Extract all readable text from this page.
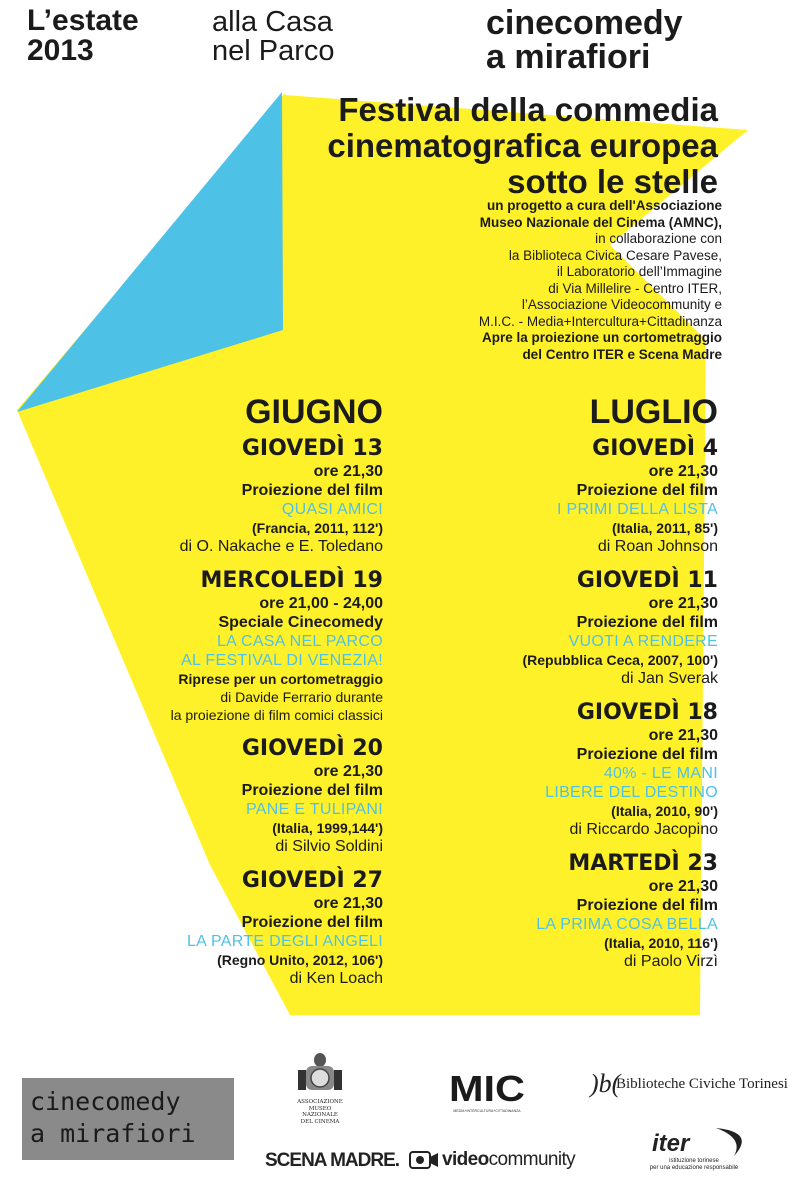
L’estate
2013
alla Casa
nel Parco
cinecomedy
a mirafiori
Festival della commedia
cinematografica europea
sotto le stelle
un progetto a cura dell'Associazione
Museo Nazionale del Cinema (AMNC),
in collaborazione con
la Biblioteca Civica Cesare Pavese,
il Laboratorio dell’Immagine
di Via Millelire - Centro ITER,
l’Associazione Videocommunity e
M.I.C. - Media+Intercultura+Cittadinanza
Apre la proiezione un cortometraggio
del Centro ITER e Scena Madre
GIUGNO
GIOVEDÌ 13
ore 21,30
Proiezione del film
QUASI AMICI
(Francia, 2011, 112')
di O. Nakache e E. Toledano
MERCOLEDÌ 19
ore 21,00 - 24,00
Speciale Cinecomedy
LA CASA NEL PARCO
AL FESTIVAL DI VENEZIA!
Riprese per un cortometraggio
di Davide Ferrario durante
la proiezione di film comici classici
GIOVEDÌ 20
ore 21,30
Proiezione del film
PANE E TULIPANI
(Italia, 1999,144')
di Silvio Soldini
GIOVEDÌ 27
ore 21,30
Proiezione del film
LA PARTE DEGLI ANGELI
(Regno Unito, 2012, 106')
di Ken Loach
LUGLIO
GIOVEDÌ 4
ore 21,30
Proiezione del film
I PRIMI DELLA LISTA
(Italia, 2011, 85')
di Roan Johnson
GIOVEDÌ 11
ore 21,30
Proiezione del film
VUOTI A RENDERE
(Repubblica Ceca, 2007, 100')
di Jan Sverak
GIOVEDÌ 18
ore 21,30
Proiezione del film
40% - LE MANI
LIBERE DEL DESTINO
(Italia, 2010, 90')
di Riccardo Jacopino
MARTEDÌ 23
ore 21,30
Proiezione del film
LA PRIMA COSA BELLA
(Italia, 2010, 116')
di Paolo Virzì
cinecomedy
a mirafiori
ASSOCIAZIONE
MUSEO NAZIONALE
DEL CINEMA
MIC
MEDIA+INTERCULTURA+CITTADINANZA
)b(
Biblioteche Civiche Torinesi
SCENA MADRE. videocommunity
iter
istituzione torinese
per una educazione responsabile
